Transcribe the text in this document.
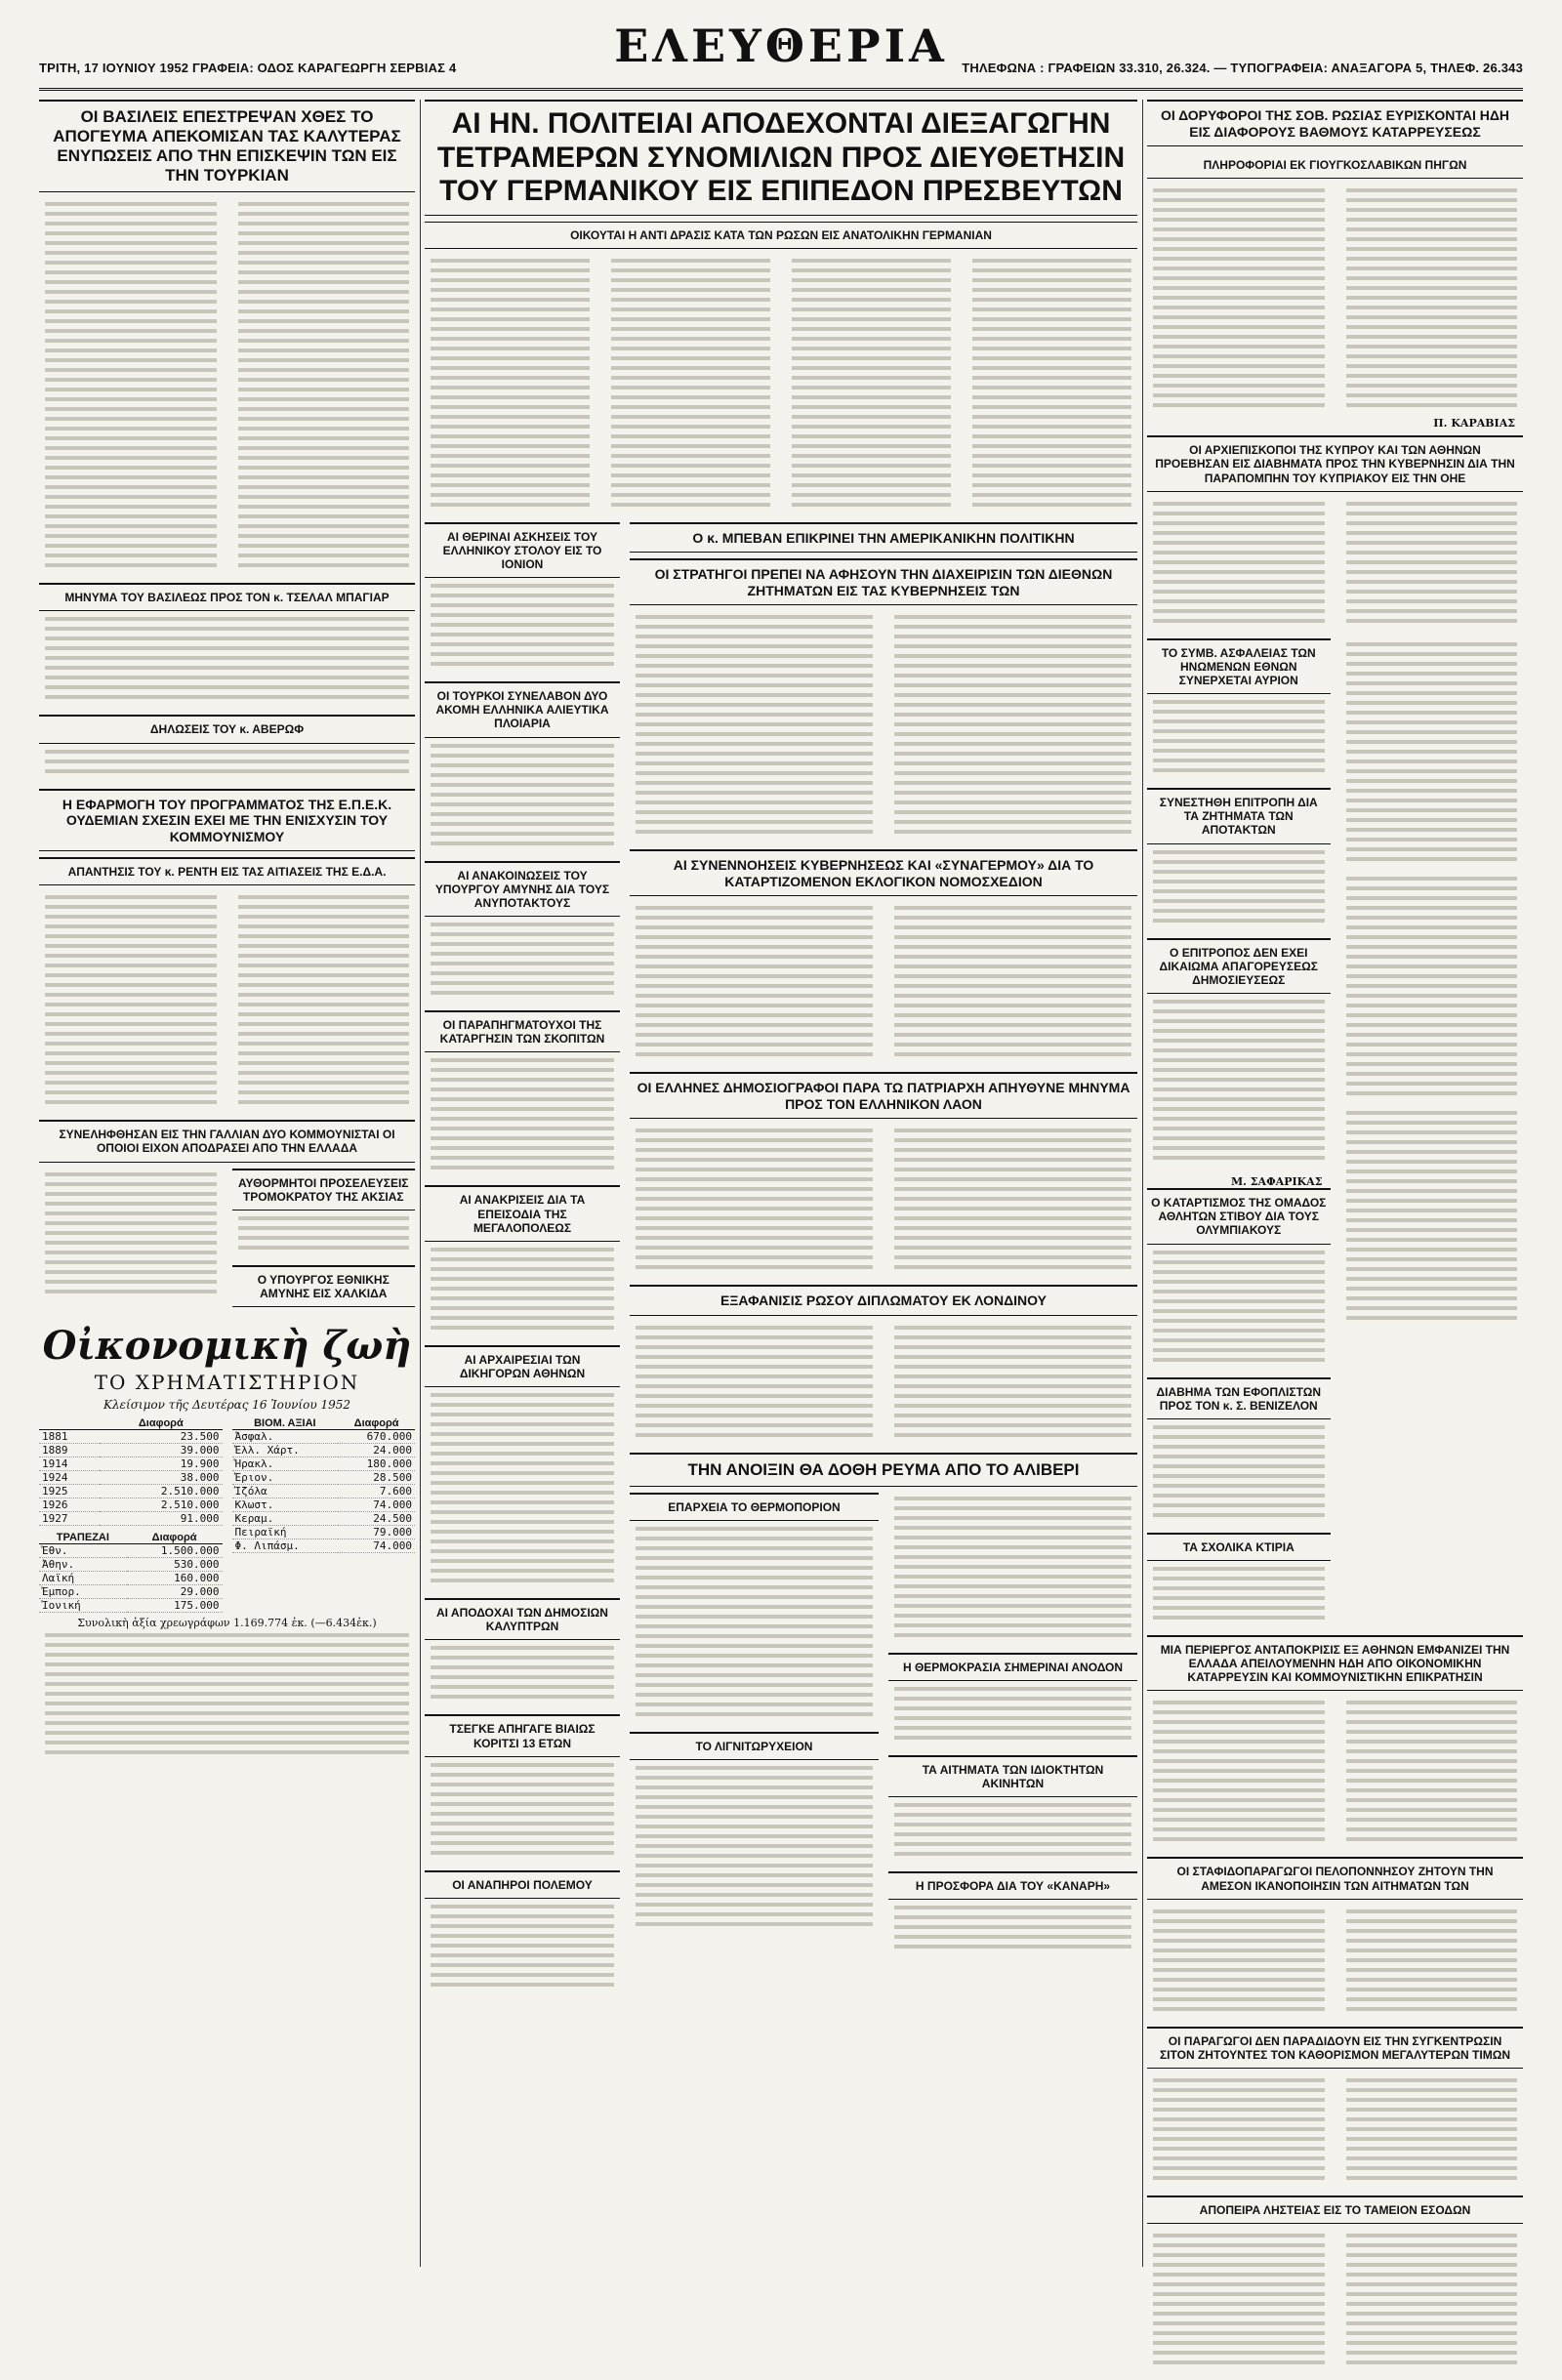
ΤΡΙΤΗ, 17 ΙΟΥΝΙΟΥ 1952 ΓΡΑΦΕΙΑ: ΟΔΟΣ ΚΑΡΑΓΕΩΡΓΗ ΣΕΡΒΙΑΣ 4	ΕΛΕΥΘΕΡΙΑ	ΤΗΛΕΦΩΝΑ : ΓΡΑΦΕΙΩΝ 33.310, 26.324. — ΤΥΠΟΓΡΑΦΕΙΑ: ΑΝΑΞΑΓΟΡΑ 5, ΤΗΛΕΦ. 26.343
ΟΙ ΒΑΣΙΛΕΙΣ ΕΠΕΣΤΡΕΨΑΝ ΧΘΕΣ ΤΟ ΑΠΟΓΕΥΜΑ ΑΠΕΚΟΜΙΣΑΝ ΤΑΣ ΚΑΛΥΤΕΡΑΣ ΕΝΥΠΩΣΕΙΣ ΑΠΟ ΤΗΝ ΕΠΙΣΚΕΨΙΝ ΤΩΝ ΕΙΣ ΤΗΝ ΤΟΥΡΚΙΑΝ
ΜΗΝΥΜΑ ΤΟΥ ΒΑΣΙΛΕΩΣ ΠΡΟΣ ΤΟΝ κ. ΤΣΕΛΑΛ ΜΠΑΓΙΑΡ
ΔΗΛΩΣΕΙΣ ΤΟΥ κ. ΑΒΕΡΩΦ
Η ΕΦΑΡΜΟΓΗ ΤΟΥ ΠΡΟΓΡΑΜΜΑΤΟΣ ΤΗΣ Ε.Π.Ε.Κ. ΟΥΔΕΜΙΑΝ ΣΧΕΣΙΝ ΕΧΕΙ ΜΕ ΤΗΝ ΕΝΙΣΧΥΣΙΝ ΤΟΥ ΚΟΜΜΟΥΝΙΣΜΟΥ
ΑΠΑΝΤΗΣΙΣ ΤΟΥ κ. ΡΕΝΤΗ ΕΙΣ ΤΑΣ ΑΙΤΙΑΣΕΙΣ ΤΗΣ Ε.Δ.Α.
ΣΥΝΕΛΗΦΘΗΣΑΝ ΕΙΣ ΤΗΝ ΓΑΛΛΙΑΝ ΔΥΟ ΚΟΜΜΟΥΝΙΣΤΑΙ ΟΙ ΟΠΟΙΟΙ ΕΙΧΟΝ ΑΠΟΔΡΑΣΕΙ ΑΠΟ ΤΗΝ ΕΛΛΑΔΑ
ΑΥΘΟΡΜΗΤΟΙ ΠΡΟΣΕΛΕΥΣΕΙΣ ΤΡΟΜΟΚΡΑΤΟΥ ΤΗΣ ΑΚΣΙΑΣ
Ο ΥΠΟΥΡΓΟΣ ΕΘΝΙΚΗΣ ΑΜΥΝΗΣ ΕΙΣ ΧΑΛΚΙΔΑ
Οἰκονομικὴ ζωὴ
ΤΟ ΧΡΗΜΑΤΙΣΤΗΡΙΟΝ
Κλείσιμον τῆς Δευτέρας 16 Ἰουνίου 1952
	Διαφορά
1881	23.500
1889	39.000
1914	19.900
1924	38.000
1925	2.510.000
1926	2.510.000
1927	91.000
ΤΡΑΠΕΖΑΙ	Διαφορά
Ἐθν.	1.500.000
Ἀθην.	530.000
Λαϊκή	160.000
Ἐμπορ.	29.000
Ἰονική	175.000
ΒΙΟΜ. ΑΞΙΑΙ	Διαφορά
Ἀσφαλ.	670.000
Ἑλλ. Χάρτ.	24.000
Ἡρακλ.	180.000
Ἐριον.	28.500
Ἰζόλα	7.600
Κλωστ.	74.000
Κεραμ.	24.500
Πειραϊκή	79.000
Φ. Λιπάσμ.	74.000
Συνολικὴ ἀξία χρεωγράφων 1.169.774 ἐκ. (—6.434ἐκ.)
ΑΙ ΗΝ. ΠΟΛΙΤΕΙΑΙ ΑΠΟΔΕΧΟΝΤΑΙ ΔΙΕΞΑΓΩΓΗΝ ΤΕΤΡΑΜΕΡΩΝ ΣΥΝΟΜΙΛΙΩΝ ΠΡΟΣ ΔΙΕΥΘΕΤΗΣΙΝ ΤΟΥ ΓΕΡΜΑΝΙΚΟΥ ΕΙΣ ΕΠΙΠΕΔΟΝ ΠΡΕΣΒΕΥΤΩΝ
ΟΙΚΟΥΤΑΙ Η ΑΝΤΙ ΔΡΑΣΙΣ ΚΑΤΑ ΤΩΝ ΡΩΣΩΝ ΕΙΣ ΑΝΑΤΟΛΙΚΗΝ ΓΕΡΜΑΝΙΑΝ
ΑΙ ΘΕΡΙΝΑΙ ΑΣΚΗΣΕΙΣ ΤΟΥ ΕΛΛΗΝΙΚΟΥ ΣΤΟΛΟΥ ΕΙΣ ΤΟ ΙΟΝΙΟΝ
ΟΙ ΤΟΥΡΚΟΙ ΣΥΝΕΛΑΒΟΝ ΔΥΟ ΑΚΟΜΗ ΕΛΛΗΝΙΚΑ ΑΛΙΕΥΤΙΚΑ ΠΛΟΙΑΡΙΑ
ΑΙ ΑΝΑΚΟΙΝΩΣΕΙΣ ΤΟΥ ΥΠΟΥΡΓΟΥ ΑΜΥΝΗΣ ΔΙΑ ΤΟΥΣ ΑΝΥΠΟΤΑΚΤΟΥΣ
ΟΙ ΠΑΡΑΠΗΓΜΑΤΟΥΧΟΙ ΤΗΣ ΚΑΤΑΡΓΗΣΙΝ ΤΩΝ ΣΚΟΠΙΤΩΝ
ΑΙ ΑΝΑΚΡΙΣΕΙΣ ΔΙΑ ΤΑ ΕΠΕΙΣΟΔΙΑ ΤΗΣ ΜΕΓΑΛΟΠΟΛΕΩΣ
ΑΙ ΑΡΧΑΙΡΕΣΙΑΙ ΤΩΝ ΔΙΚΗΓΟΡΩΝ ΑΘΗΝΩΝ
ΑΙ ΑΠΟΔΟΧΑΙ ΤΩΝ ΔΗΜΟΣΙΩΝ ΚΑΛΥΠΤΡΩΝ
ΤΣΕΓΚΕ ΑΠΗΓΑΓΕ ΒΙΑΙΩΣ ΚΟΡΙΤΣΙ 13 ΕΤΩΝ
ΟΙ ΑΝΑΠΗΡΟΙ ΠΟΛΕΜΟΥ
Ο κ. ΜΠΕΒΑΝ ΕΠΙΚΡΙΝΕΙ ΤΗΝ ΑΜΕΡΙΚΑΝΙΚΗΝ ΠΟΛΙΤΙΚΗΝ
ΟΙ ΣΤΡΑΤΗΓΟΙ ΠΡΕΠΕΙ ΝΑ ΑΦΗΣΟΥΝ ΤΗΝ ΔΙΑΧΕΙΡΙΣΙΝ ΤΩΝ ΔΙΕΘΝΩΝ ΖΗΤΗΜΑΤΩΝ ΕΙΣ ΤΑΣ ΚΥΒΕΡΝΗΣΕΙΣ ΤΩΝ
ΑΙ ΣΥΝΕΝΝΟΗΣΕΙΣ ΚΥΒΕΡΝΗΣΕΩΣ ΚΑΙ «ΣΥΝΑΓΕΡΜΟΥ» ΔΙΑ ΤΟ ΚΑΤΑΡΤΙΖΟΜΕΝΟΝ ΕΚΛΟΓΙΚΟΝ ΝΟΜΟΣΧΕΔΙΟΝ
ΟΙ ΕΛΛΗΝΕΣ ΔΗΜΟΣΙΟΓΡΑΦΟΙ ΠΑΡΑ ΤΩ ΠΑΤΡΙΑΡΧΗ ΑΠΗΥΘΥΝΕ ΜΗΝΥΜΑ ΠΡΟΣ ΤΟΝ ΕΛΛΗΝΙΚΟΝ ΛΑΟΝ
ΕΞΑΦΑΝΙΣΙΣ ΡΩΣΟΥ ΔΙΠΛΩΜΑΤΟΥ ΕΚ ΛΟΝΔΙΝΟΥ
ΤΗΝ ΑΝΟΙΞΙΝ ΘΑ ΔΟΘΗ ΡΕΥΜΑ ΑΠΟ ΤΟ ΑΛΙΒΕΡΙ
ΕΠΑΡΧΕΙΑ ΤΟ ΘΕΡΜΟΠΟΡΙΟΝ
ΤΟ ΛΙΓΝΙΤΩΡΥΧΕΙΟΝ
Η ΘΕΡΜΟΚΡΑΣΙΑ ΣΗΜΕΡΙΝΑΙ ΑΝΟΔΟΝ
ΤΑ ΑΙΤΗΜΑΤΑ ΤΩΝ ΙΔΙΟΚΤΗΤΩΝ ΑΚΙΝΗΤΩΝ
Η ΠΡΟΣΦΟΡΑ ΔΙΑ ΤΟΥ «ΚΑΝΑΡΗ»
ΟΙ ΔΟΡΥΦΟΡΟΙ ΤΗΣ ΣΟΒ. ΡΩΣΙΑΣ ΕΥΡΙΣΚΟΝΤΑΙ ΗΔΗ ΕΙΣ ΔΙΑΦΟΡΟΥΣ ΒΑΘΜΟΥΣ ΚΑΤΑΡΡΕΥΣΕΩΣ
ΠΛΗΡΟΦΟΡΙΑΙ ΕΚ ΓΙΟΥΓΚΟΣΛΑΒΙΚΩΝ ΠΗΓΩΝ
Π. ΚΑΡΑΒΙΑΣ
ΟΙ ΑΡΧΙΕΠΙΣΚΟΠΟΙ ΤΗΣ ΚΥΠΡΟΥ ΚΑΙ ΤΩΝ ΑΘΗΝΩΝ ΠΡΟΕΒΗΣΑΝ ΕΙΣ ΔΙΑΒΗΜΑΤΑ ΠΡΟΣ ΤΗΝ ΚΥΒΕΡΝΗΣΙΝ ΔΙΑ ΤΗΝ ΠΑΡΑΠΟΜΠΗΝ ΤΟΥ ΚΥΠΡΙΑΚΟΥ ΕΙΣ ΤΗΝ ΟΗΕ
ΤΟ ΣΥΜΒ. ΑΣΦΑΛΕΙΑΣ ΤΩΝ ΗΝΩΜΕΝΩΝ ΕΘΝΩΝ ΣΥΝΕΡΧΕΤΑΙ ΑΥΡΙΟΝ
ΣΥΝΕΣΤΗΘΗ ΕΠΙΤΡΟΠΗ ΔΙΑ ΤΑ ΖΗΤΗΜΑΤΑ ΤΩΝ ΑΠΟΤΑΚΤΩΝ
Ο ΕΠΙΤΡΟΠΟΣ ΔΕΝ ΕΧΕΙ ΔΙΚΑΙΩΜΑ ΑΠΑΓΟΡΕΥΣΕΩΣ ΔΗΜΟΣΙΕΥΣΕΩΣ
Μ. ΣΑΦΑΡΙΚΑΣ
Ο ΚΑΤΑΡΤΙΣΜΟΣ ΤΗΣ ΟΜΑΔΟΣ ΑΘΛΗΤΩΝ ΣΤΙΒΟΥ ΔΙΑ ΤΟΥΣ ΟΛΥΜΠΙΑΚΟΥΣ
ΔΙΑΒΗΜΑ ΤΩΝ ΕΦΟΠΛΙΣΤΩΝ ΠΡΟΣ ΤΟΝ κ. Σ. ΒΕΝΙΖΕΛΟΝ
ΤΑ ΣΧΟΛΙΚΑ ΚΤΙΡΙΑ
ΜΙΑ ΠΕΡΙΕΡΓΟΣ ΑΝΤΑΠΟΚΡΙΣΙΣ ΕΞ ΑΘΗΝΩΝ ΕΜΦΑΝΙΖΕΙ ΤΗΝ ΕΛΛΑΔΑ ΑΠΕΙΛΟΥΜΕΝΗΝ ΗΔΗ ΑΠΟ ΟΙΚΟΝΟΜΙΚΗΝ ΚΑΤΑΡΡΕΥΣΙΝ ΚΑΙ ΚΟΜΜΟΥΝΙΣΤΙΚΗΝ ΕΠΙΚΡΑΤΗΣΙΝ
ΟΙ ΣΤΑΦΙΔΟΠΑΡΑΓΩΓΟΙ ΠΕΛΟΠΟΝΝΗΣΟΥ ΖΗΤΟΥΝ ΤΗΝ ΑΜΕΣΟΝ ΙΚΑΝΟΠΟΙΗΣΙΝ ΤΩΝ ΑΙΤΗΜΑΤΩΝ ΤΩΝ
ΟΙ ΠΑΡΑΓΩΓΟΙ ΔΕΝ ΠΑΡΑΔΙΔΟΥΝ ΕΙΣ ΤΗΝ ΣΥΓΚΕΝΤΡΩΣΙΝ ΣΙΤΟΝ ΖΗΤΟΥΝΤΕΣ ΤΟΝ ΚΑΘΟΡΙΣΜΟΝ ΜΕΓΑΛΥΤΕΡΩΝ ΤΙΜΩΝ
ΑΠΟΠΕΙΡΑ ΛΗΣΤΕΙΑΣ ΕΙΣ ΤΟ ΤΑΜΕΙΟΝ ΕΣΟΔΩΝ
